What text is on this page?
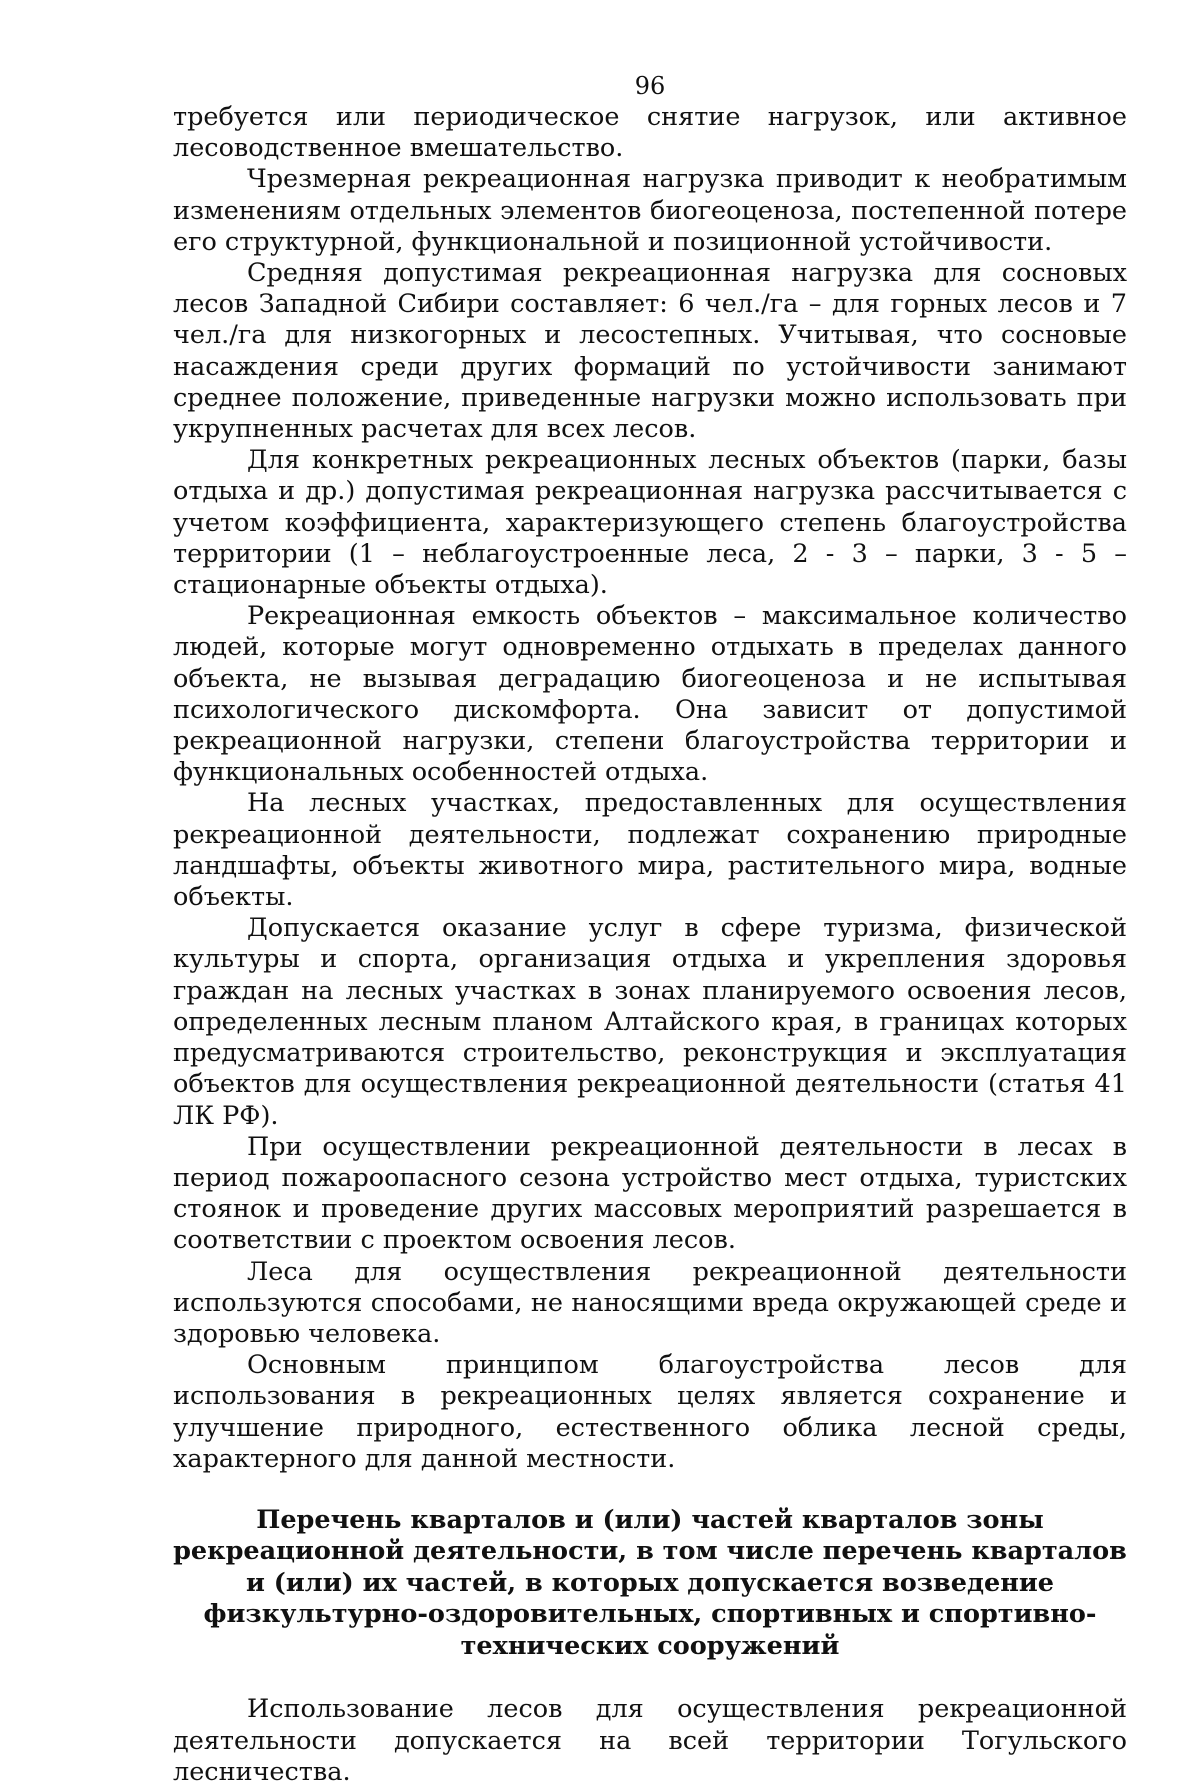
96

требуется или периодическое снятие нагрузок, или активное лесоводственное вмешательство.

Чрезмерная рекреационная нагрузка приводит к необратимым изменениям отдельных элементов биогеоценоза, постепенной потере его структурной, функциональной и позиционной устойчивости.

Средняя допустимая рекреационная нагрузка для сосновых лесов Западной Сибири составляет: 6 чел./га – для горных лесов и 7 чел./га для низкогорных и лесостепных. Учитывая, что сосновые насаждения среди других формаций по устойчивости занимают среднее положение, приведенные нагрузки можно использовать при укрупненных расчетах для всех лесов.

Для конкретных рекреационных лесных объектов (парки, базы отдыха и др.) допустимая рекреационная нагрузка рассчитывается с учетом коэффициента, характеризующего степень благоустройства территории (1 – неблагоустроенные леса, 2 - 3 – парки, 3 - 5 – стационарные объекты отдыха).

Рекреационная емкость объектов – максимальное количество людей, которые могут одновременно отдыхать в пределах данного объекта, не вызывая деградацию биогеоценоза и не испытывая психологического дискомфорта. Она зависит от допустимой рекреационной нагрузки, степени благоустройства территории и функциональных особенностей отдыха.

На лесных участках, предоставленных для осуществления рекреационной деятельности, подлежат сохранению природные ландшафты, объекты животного мира, растительного мира, водные объекты.

Допускается оказание услуг в сфере туризма, физической культуры и спорта, организация отдыха и укрепления здоровья граждан на лесных участках в зонах планируемого освоения лесов, определенных лесным планом Алтайского края, в границах которых предусматриваются строительство, реконструкция и эксплуатация объектов для осуществления рекреационной деятельности (статья 41 ЛК РФ).

При осуществлении рекреационной деятельности в лесах в период пожароопасного сезона устройство мест отдыха, туристских стоянок и проведение других массовых мероприятий разрешается в соответствии с проектом освоения лесов.

Леса для осуществления рекреационной деятельности используются способами, не наносящими вреда окружающей среде и здоровью человека.

Основным принципом благоустройства лесов для использования в рекреационных целях является сохранение и улучшение природного, естественного облика лесной среды, характерного для данной местности.

Перечень кварталов и (или) частей кварталов зоны рекреационной деятельности, в том числе перечень кварталов и (или) их частей, в которых допускается возведение физкультурно-оздоровительных, спортивных и спортивно-технических сооружений

Использование лесов для осуществления рекреационной деятельности допускается на всей территории Тогульского лесничества.
